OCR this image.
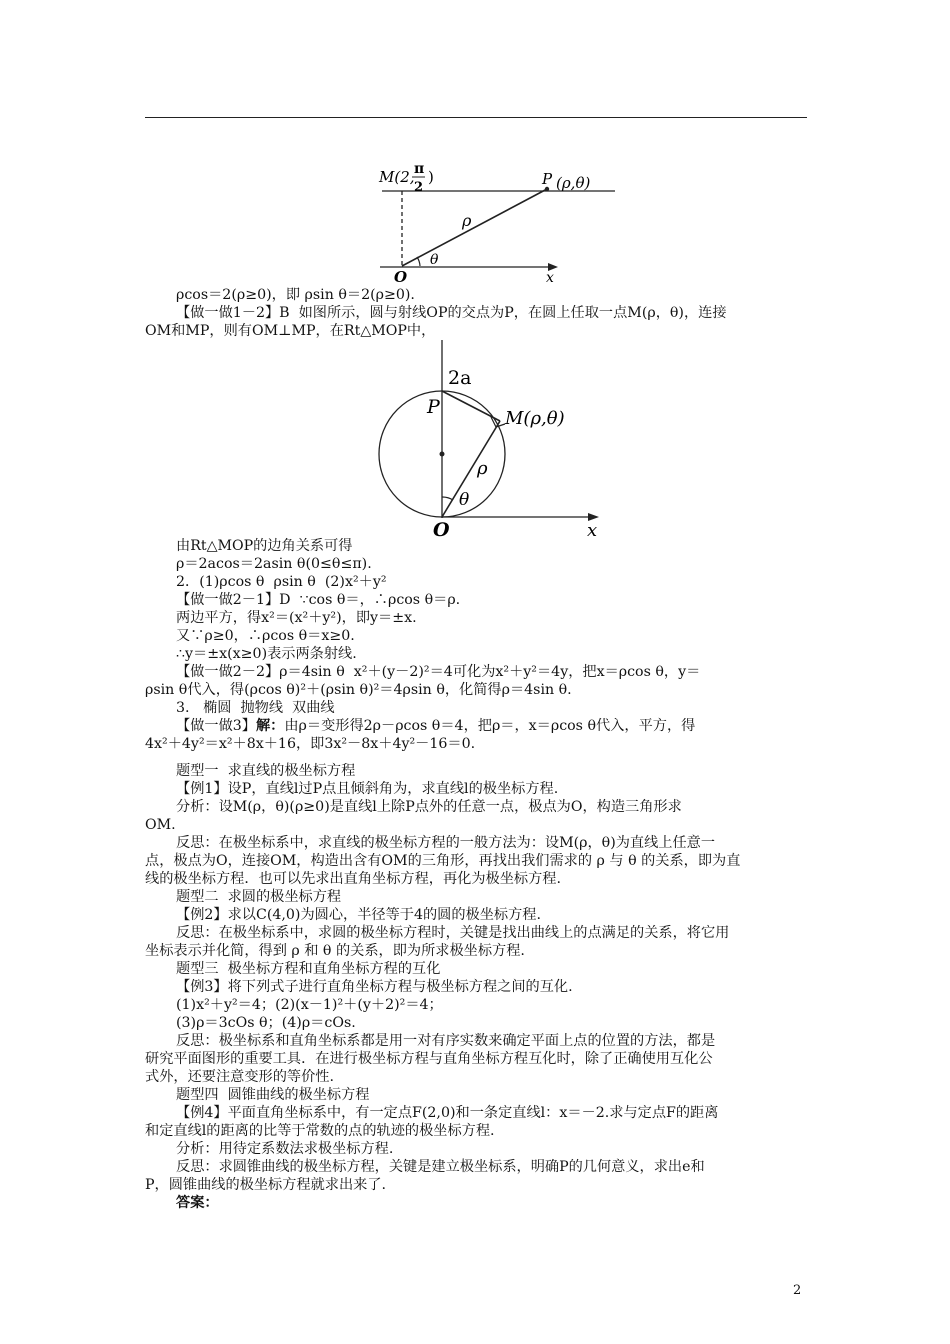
M(2, π
2
)	P (ρ,θ)
ρ
θ
O	x
ρcos＝2(ρ≥0)，即 ρsin θ＝2(ρ≥0).
【做一做1－2】B  如图所示，圆与射线OP的交点为P，在圆上任取一点M(ρ，θ)，连接
OM和MP，则有OM⊥MP，在Rt△MOP中，
2a
P
M(ρ,θ)
ρ
θ
O	x
由Rt△MOP的边角关系可得
ρ＝2acos＝2asin θ(0≤θ≤π).
2．(1)ρcos θ  ρsin θ  (2)x²＋y²
【做一做2－1】D  ∵cos θ＝，∴ρcos θ＝ρ.
两边平方，得x²＝(x²＋y²)，即y＝±x.
又∵ρ≥0，∴ρcos θ＝x≥0.
∴y＝±x(x≥0)表示两条射线.
【做一做2－2】ρ＝4sin θ  x²＋(y－2)²＝4可化为x²＋y²＝4y，把x＝ρcos θ，y＝
ρsin θ代入，得(ρcos θ)²＋(ρsin θ)²＝4ρsin θ，化简得ρ＝4sin θ.
3.   椭圆  抛物线  双曲线
【做一做3】解：由ρ＝变形得2ρ－ρcos θ＝4，把ρ＝，x＝ρcos θ代入，平方，得
4x²＋4y²＝x²＋8x＋16，即3x²－8x＋4y²－16＝0.
题型一  求直线的极坐标方程
【例1】设P，直线l过P点且倾斜角为，求直线l的极坐标方程.
分析：设M(ρ，θ)(ρ≥0)是直线l上除P点外的任意一点，极点为O，构造三角形求
OM.
反思：在极坐标系中，求直线的极坐标方程的一般方法为：设M(ρ，θ)为直线上任意一
点，极点为O，连接OM，构造出含有OM的三角形，再找出我们需求的 ρ 与 θ 的关系，即为直
线的极坐标方程．也可以先求出直角坐标方程，再化为极坐标方程.
题型二  求圆的极坐标方程
【例2】求以C(4,0)为圆心，半径等于4的圆的极坐标方程.
反思：在极坐标系中，求圆的极坐标方程时，关键是找出曲线上的点满足的关系，将它用
坐标表示并化简，得到 ρ 和 θ 的关系，即为所求极坐标方程.
题型三  极坐标方程和直角坐标方程的互化
【例3】将下列式子进行直角坐标方程与极坐标方程之间的互化.
(1)x²＋y²＝4；(2)(x－1)²＋(y＋2)²＝4；
(3)ρ＝3cOs θ；(4)ρ＝cOs.
反思：极坐标系和直角坐标系都是用一对有序实数来确定平面上点的位置的方法，都是
研究平面图形的重要工具．在进行极坐标方程与直角坐标方程互化时，除了正确使用互化公
式外，还要注意变形的等价性.
题型四  圆锥曲线的极坐标方程
【例4】平面直角坐标系中，有一定点F(2,0)和一条定直线l：x＝－2.求与定点F的距离
和定直线l的距离的比等于常数的点的轨迹的极坐标方程.
分析：用待定系数法求极坐标方程.
反思：求圆锥曲线的极坐标方程，关键是建立极坐标系，明确P的几何意义，求出e和
P，圆锥曲线的极坐标方程就求出来了.
答案：
2
